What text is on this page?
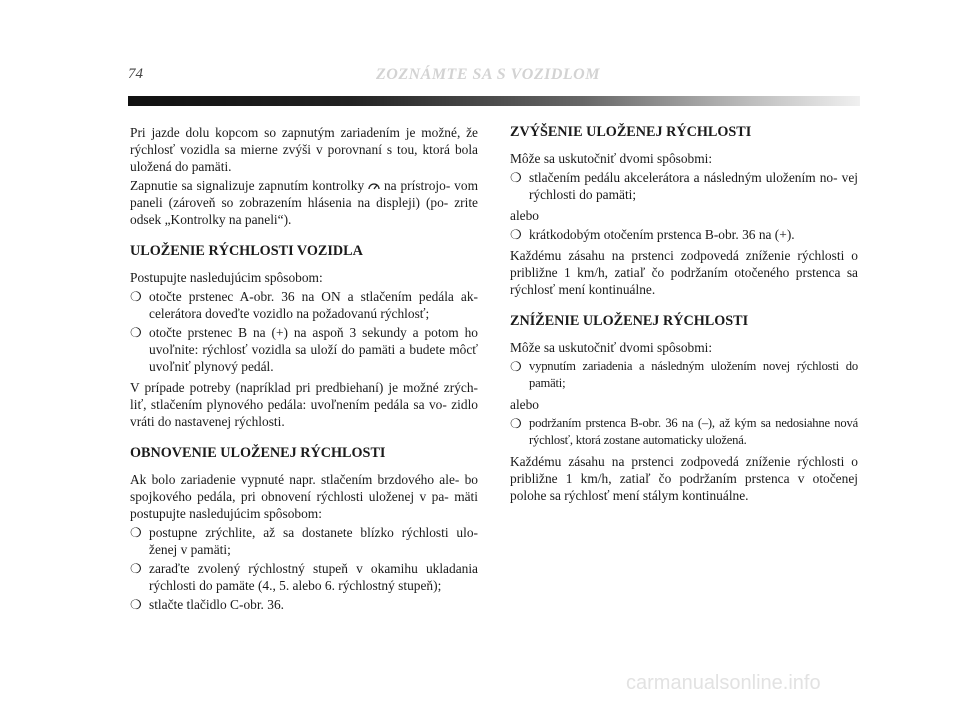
74	ZOZNÁMTE SA S VOZIDLOM

Pri jazde dolu kopcom so zapnutým zariadením je možné, že rýchlosť vozidla sa mierne zvýši v porovnaní s tou, ktorá bola uložená do pamäti.

Zapnutie sa signalizuje zapnutím kontrolky na prístrojo- vom paneli (zároveň so zobrazením hlásenia na displeji) (po- zrite odsek „Kontrolky na paneli“).

ULOŽENIE RÝCHLOSTI VOZIDLA

Postupujte nasledujúcim spôsobom:

❍ otočte prstenec A-obr. 36 na ON a stlačením pedála ak- celerátora doveďte vozidlo na požadovanú rýchlosť;
❍ otočte prstenec B na (+) na aspoň 3 sekundy a potom ho uvoľnite: rýchlosť vozidla sa uloží do pamäti a budete môcť uvoľniť plynový pedál.

V prípade potreby (napríklad pri predbiehaní) je možné zrých- liť, stlačením plynového pedála: uvoľnením pedála sa vo- zidlo vráti do nastavenej rýchlosti.

OBNOVENIE ULOŽENEJ RÝCHLOSTI

Ak bolo zariadenie vypnuté napr. stlačením brzdového ale- bo spojkového pedála, pri obnovení rýchlosti uloženej v pa- mäti postupujte nasledujúcim spôsobom:

❍ postupne zrýchlite, až sa dostanete blízko rýchlosti ulo- ženej v pamäti;
❍ zaraďte zvolený rýchlostný stupeň v okamihu ukladania rýchlosti do pamäte (4., 5. alebo 6. rýchlostný stupeň);
❍ stlačte tlačidlo C-obr. 36.
ZVÝŠENIE ULOŽENEJ RÝCHLOSTI

Môže sa uskutočniť dvomi spôsobmi:

❍ stlačením pedálu akcelerátora a následným uložením no- vej rýchlosti do pamäti;

alebo

❍ krátkodobým otočením prstenca B-obr. 36 na (+).

Každému zásahu na prstenci zodpovedá zníženie rýchlosti o približne 1 km/h, zatiaľ čo podržaním otočeného prstenca sa rýchlosť mení kontinuálne.

ZNÍŽENIE ULOŽENEJ RÝCHLOSTI

Môže sa uskutočniť dvomi spôsobmi:

❍ vypnutím zariadenia a následným uložením novej rýchlosti do pamäti;

alebo

❍ podržaním prstenca B-obr. 36 na (–), až kým sa nedosiahne nová rýchlosť, ktorá zostane automaticky uložená.

Každému zásahu na prstenci zodpovedá zníženie rýchlosti o približne 1 km/h, zatiaľ čo podržaním prstenca v otočenej polohe sa rýchlosť mení stálym kontinuálne.

carmanualsonline.info
